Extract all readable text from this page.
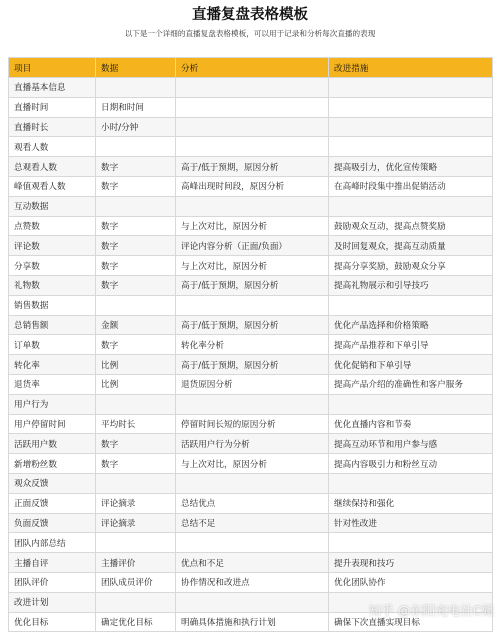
直播复盘表格模板
以下是一个详细的直播复盘表格模板，可以用于记录和分析每次直播的表现
项目	数据	分析	改进措施
直播基本信息			
直播时间	日期和时间		
直播时长	小时/分钟		
观看人数			
总观看人数	数字	高于/低于预期，原因分析	提高吸引力，优化宣传策略
峰值观看人数	数字	高峰出现时间段，原因分析	在高峰时段集中推出促销活动
互动数据			
点赞数	数字	与上次对比，原因分析	鼓励观众互动，提高点赞奖励
评论数	数字	评论内容分析（正面/负面）	及时回复观众，提高互动质量
分享数	数字	与上次对比，原因分析	提高分享奖励，鼓励观众分享
礼物数	数字	高于/低于预期，原因分析	提高礼物展示和引导技巧
销售数据			
总销售额	金额	高于/低于预期，原因分析	优化产品选择和价格策略
订单数	数字	转化率分析	提高产品推荐和下单引导
转化率	比例	高于/低于预期，原因分析	优化促销和下单引导
退货率	比例	退货原因分析	提高产品介绍的准确性和客户服务
用户行为			
用户停留时间	平均时长	停留时间长短的原因分析	优化直播内容和节奏
活跃用户数	数字	活跃用户行为分析	提高互动环节和用户参与感
新增粉丝数	数字	与上次对比，原因分析	提高内容吸引力和粉丝互动
观众反馈			
正面反馈	评论摘录	总结优点	继续保持和强化
负面反馈	评论摘录	总结不足	针对性改进
团队内部总结			
主播自评	主播评价	优点和不足	提升表现和技巧
团队评价	团队成员评价	协作情况和改进点	优化团队协作
改进计划			
优化目标	确定优化目标	明确具体措施和执行计划	确保下次直播实现目标
知乎 @东阳充电社C姐
